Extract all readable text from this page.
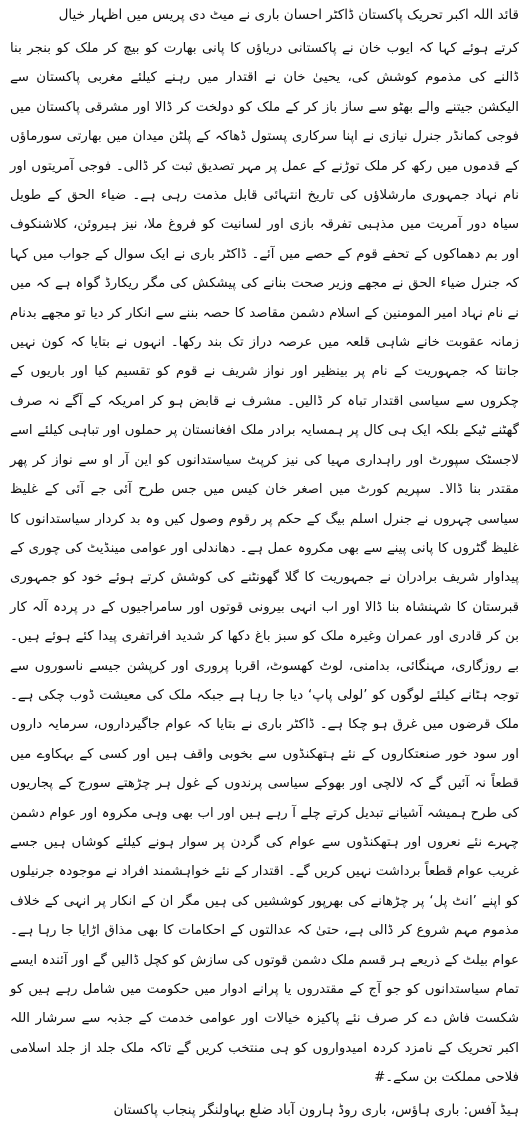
قائد اللہ اکبر تحریک پاکستان ڈاکٹر احسان باری نے میٹ دی پریس میں اظہار خیال

کرتے ہوئے کہا کہ ایوب خان نے پاکستانی دریاؤں کا پانی بھارت کو بیچ کر ملک کو بنجر بنا ڈالنے کی مذموم کوشش کی، یحییٰ خان نے اقتدار میں رہنے کیلئے مغربی پاکستان سے الیکشن جیتنے والے بھٹو سے ساز باز کر کے ملک کو دولخت کر ڈالا اور مشرقی پاکستان میں فوجی کمانڈر جنرل نیازی نے اپنا سرکاری پستول ڈھاکہ کے پلٹن میدان میں بھارتی سورماؤں کے قدموں میں رکھ کر ملک توڑنے کے عمل پر مہر تصدیق ثبت کر ڈالی۔ فوجی آمریتوں اور نام نہاد جمہوری مارشلاؤں کی تاریخ انتہائی قابل مذمت رہی ہے۔ ضیاء الحق کے طویل سیاہ دور آمریت میں مذہبی تفرقہ بازی اور لسانیت کو فروغ ملا، نیز ہیروئن، کلاشنکوف اور بم دھماکوں کے تحفے قوم کے حصے میں آئے۔ ڈاکٹر باری نے ایک سوال کے جواب میں کہا کہ جنرل ضیاء الحق نے مجھے وزیر صحت بنانے کی پیشکش کی مگر ریکارڈ گواہ ہے کہ میں نے نام نہاد امیر المومنین کے اسلام دشمن مقاصد کا حصہ بننے سے انکار کر دیا تو مجھے بدنام زمانہ عقوبت خانے شاہی قلعہ میں عرصہ دراز تک بند رکھا۔ انہوں نے بتایا کہ کون نہیں جانتا کہ جمہوریت کے نام پر بینظیر اور نواز شریف نے قوم کو تقسیم کیا اور باریوں کے چکروں سے سیاسی اقتدار تباہ کر ڈالیں۔ مشرف نے قابض ہو کر امریکہ کے آگے نہ صرف گھٹنے ٹیکے بلکہ ایک ہی کال پر ہمسایہ برادر ملک افغانستان پر حملوں اور تباہی کیلئے اسے لاجسٹک سپورٹ اور راہداری مہیا کی نیز کرپٹ سیاستدانوں کو این آر او سے نواز کر پھر مقتدر بنا ڈالا۔ سپریم کورٹ میں اصغر خان کیس میں جس طرح آئی جے آئی کے غلیظ سیاسی چہروں نے جنرل اسلم بیگ کے حکم پر رقوم وصول کیں وہ بد کردار سیاستدانوں کا غلیظ گٹروں کا پانی پینے سے بھی مکروہ عمل ہے۔ دھاندلی اور عوامی مینڈیٹ کی چوری کے پیداوار شریف برادران نے جمہوریت کا گلا گھونٹنے کی کوشش کرتے ہوئے خود کو جمہوری قبرستان کا شہنشاہ بنا ڈالا اور اب انہی بیرونی قوتوں اور سامراجیوں کے در پردہ آلہ کار بن کر قادری اور عمران وغیرہ ملک کو سبز باغ دکھا کر شدید افراتفری پیدا کئے ہوئے ہیں۔ بے روزگاری، مہنگائی، بدامنی، لوٹ کھسوٹ، اقربا پروری اور کرپشن جیسے ناسوروں سے توجہ ہٹانے کیلئے لوگوں کو ’لولی پاپ‘ دیا جا رہا ہے جبکہ ملک کی معیشت ڈوب چکی ہے۔ ملک قرضوں میں غرق ہو چکا ہے۔ ڈاکٹر باری نے بتایا کہ عوام جاگیرداروں، سرمایہ داروں اور سود خور صنعتکاروں کے نئے ہتھکنڈوں سے بخوبی واقف ہیں اور کسی کے بہکاوے میں قطعاً نہ آئیں گے کہ لالچی اور بھوکے سیاسی پرندوں کے غول ہر چڑھتے سورج کے پجاریوں کی طرح ہمیشہ آشیانے تبدیل کرتے چلے آ رہے ہیں اور اب بھی وہی مکروہ اور عوام دشمن چہرے نئے نعروں اور ہتھکنڈوں سے عوام کی گردن پر سوار ہونے کیلئے کوشاں ہیں جسے غریب عوام قطعاً برداشت نہیں کریں گے۔ اقتدار کے نئے خواہشمند افراد نے موجودہ جرنیلوں کو اپنے ’انٹ پل‘ پر چڑھانے کی بھرپور کوششیں کی ہیں مگر ان کے انکار پر انہی کے خلاف مذموم مہم شروع کر ڈالی ہے، حتیٰ کہ عدالتوں کے احکامات کا بھی مذاق اڑایا جا رہا ہے۔ عوام بیلٹ کے ذریعے ہر قسم ملک دشمن قوتوں کی سازش کو کچل ڈالیں گے اور آئندہ ایسے تمام سیاستدانوں کو جو آج کے مقتدروں یا پرانے ادوار میں حکومت میں شامل رہے ہیں کو شکست فاش دے کر صرف نئے پاکیزہ خیالات اور عوامی خدمت کے جذبہ سے سرشار اللہ اکبر تحریک کے نامزد کردہ امیدواروں کو ہی منتخب کریں گے تاکہ ملک جلد از جلد اسلامی فلاحی مملکت بن سکے۔#

ہیڈ آفس: باری ہاؤس، باری روڈ ہارون آباد ضلع بہاولنگر پنجاب پاکستان
